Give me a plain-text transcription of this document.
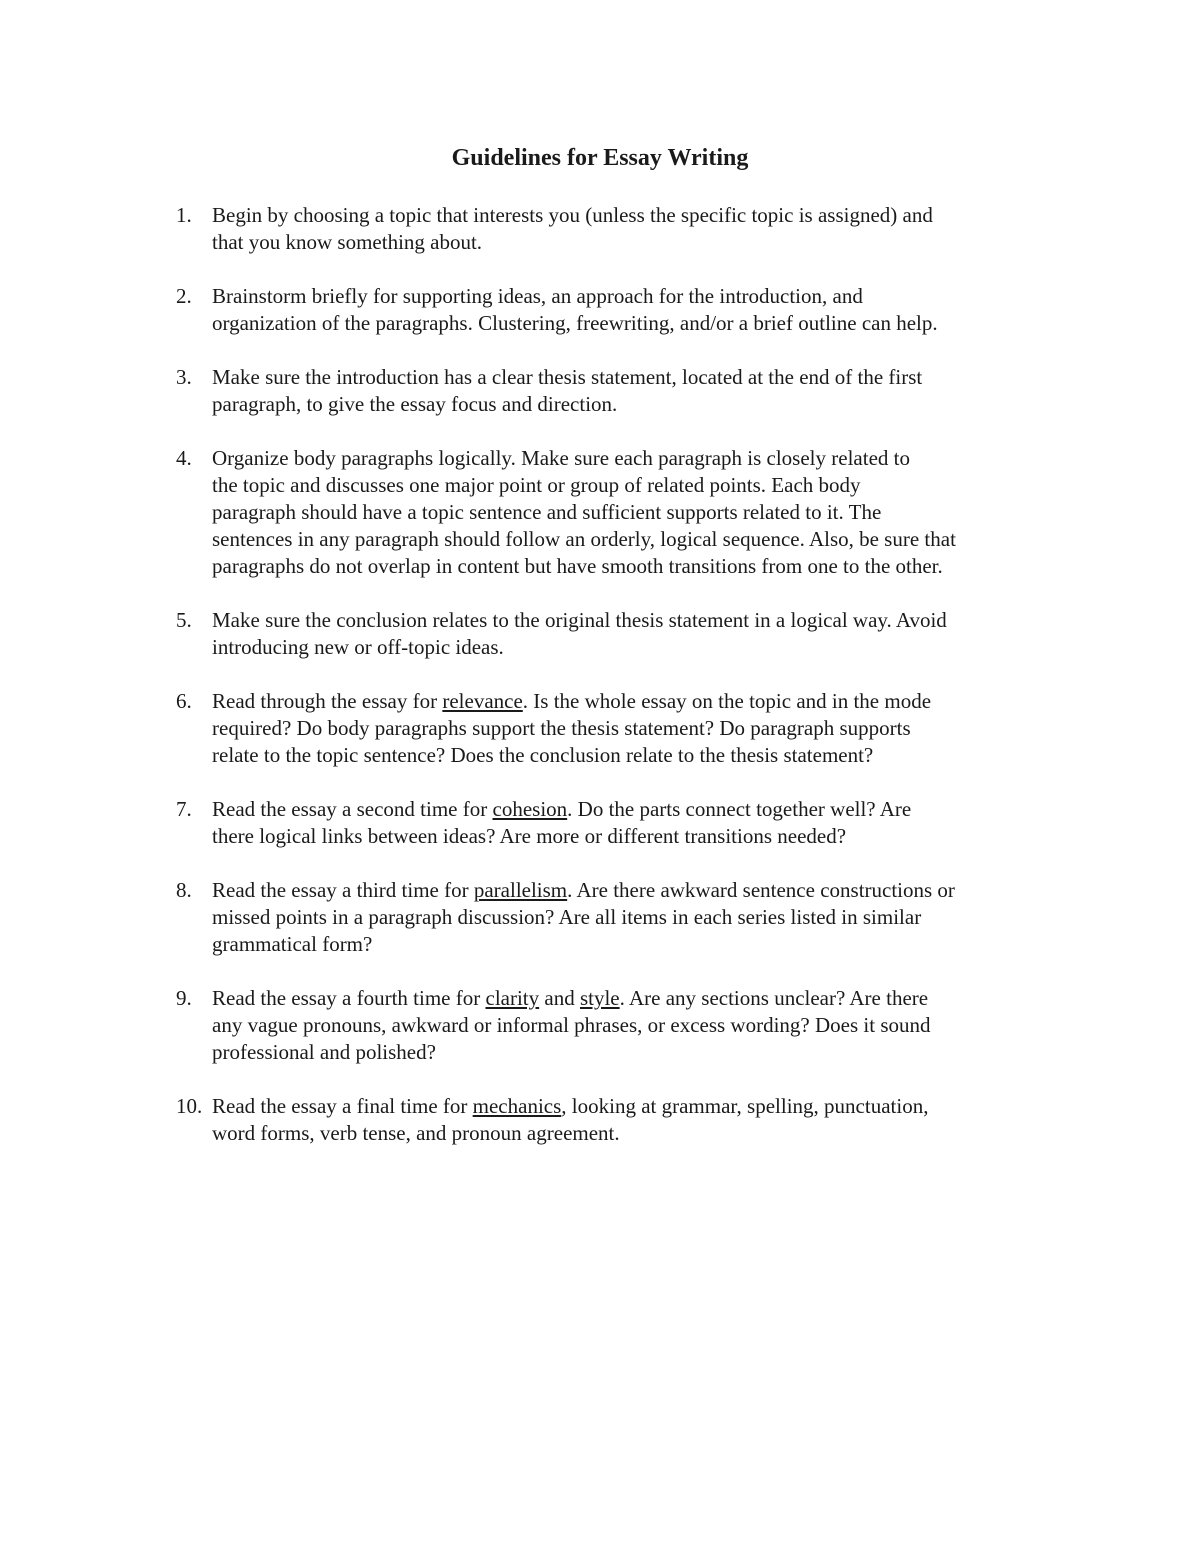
Guidelines for Essay Writing
1. Begin by choosing a topic that interests you (unless the specific topic is assigned) and
that you know something about.
2. Brainstorm briefly for supporting ideas, an approach for the introduction, and
organization of the paragraphs. Clustering, freewriting, and/or a brief outline can help.
3. Make sure the introduction has a clear thesis statement, located at the end of the first
paragraph, to give the essay focus and direction.
4. Organize body paragraphs logically. Make sure each paragraph is closely related to
the topic and discusses one major point or group of related points. Each body
paragraph should have a topic sentence and sufficient supports related to it. The
sentences in any paragraph should follow an orderly, logical sequence. Also, be sure that
paragraphs do not overlap in content but have smooth transitions from one to the other.
5. Make sure the conclusion relates to the original thesis statement in a logical way. Avoid
introducing new or off-topic ideas.
6. Read through the essay for relevance. Is the whole essay on the topic and in the mode
required? Do body paragraphs support the thesis statement? Do paragraph supports
relate to the topic sentence? Does the conclusion relate to the thesis statement?
7. Read the essay a second time for cohesion. Do the parts connect together well? Are
there logical links between ideas? Are more or different transitions needed?
8. Read the essay a third time for parallelism. Are there awkward sentence constructions or
missed points in a paragraph discussion? Are all items in each series listed in similar
grammatical form?
9. Read the essay a fourth time for clarity and style. Are any sections unclear? Are there
any vague pronouns, awkward or informal phrases, or excess wording? Does it sound
professional and polished?
10. Read the essay a final time for mechanics, looking at grammar, spelling, punctuation,
word forms, verb tense, and pronoun agreement.
